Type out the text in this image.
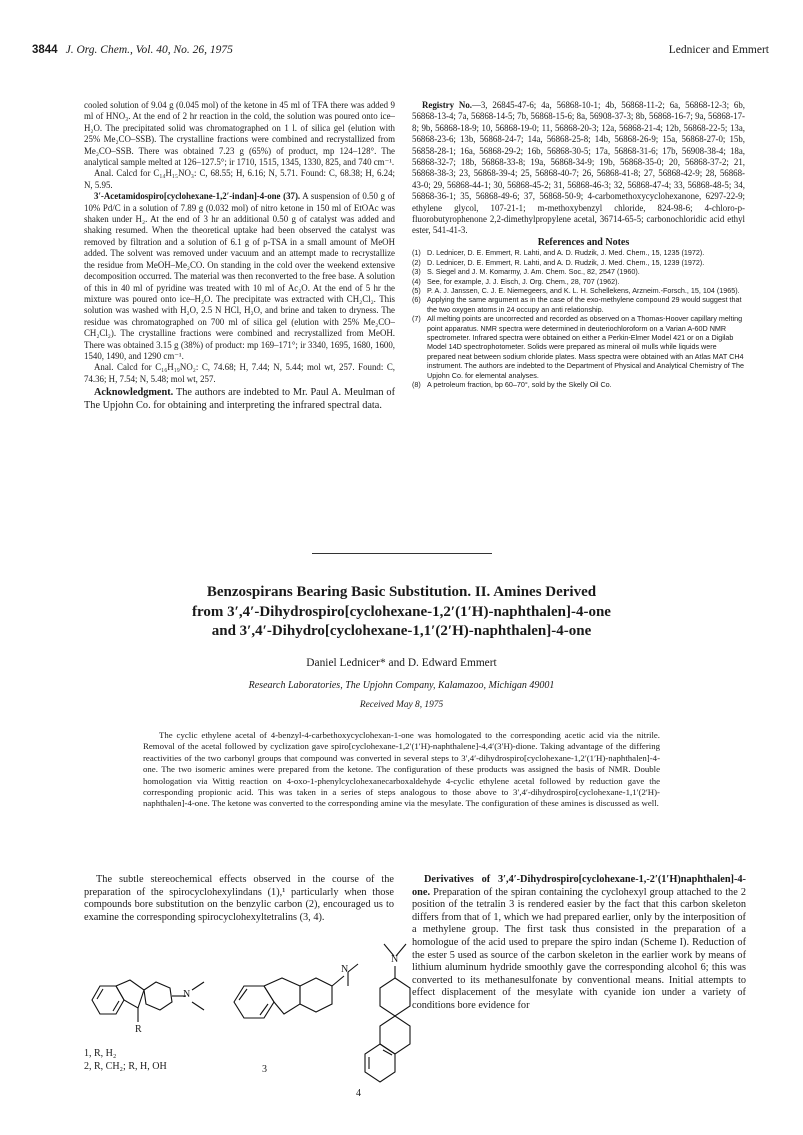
3844 J. Org. Chem., Vol. 40, No. 26, 1975	Lednicer and Emmert

cooled solution of 9.04 g (0.045 mol) of the ketone in 45 ml of TFA there was added 9 ml of HNO₃. At the end of 2 hr reaction in the cold, the solution was poured onto ice–H₂O. The precipitated solid was chromatographed on 1 l. of silica gel (elution with 25% Me₂CO–SSB). The crystalline fractions were combined and recrystallized from Me₂CO–SSB. There was obtained 7.23 g (65%) of product, mp 124–128°. The analytical sample melted at 126–127.5°; ir 1710, 1515, 1345, 1330, 825, and 740 cm⁻¹.

Anal. Calcd for C₁₄H₁₅NO₃: C, 68.55; H, 6.16; N, 5.71. Found: C, 68.38; H, 6.24; N, 5.95.

3′-Acetamidospiro[cyclohexane-1,2′-indan]-4-one (37). A suspension of 0.50 g of 10% Pd/C in a solution of 7.89 g (0.032 mol) of nitro ketone in 150 ml of EtOAc was shaken under H₂. At the end of 3 hr an additional 0.50 g of catalyst was added and shaking resumed. When the theoretical uptake had been observed the catalyst was removed by filtration and a solution of 6.1 g of p-TSA in a small amount of MeOH added. The solvent was removed under vacuum and an attempt made to recrystallize the residue from MeOH–Me₂CO. On standing in the cold over the weekend extensive decomposition occurred. The material was then reconverted to the free base. A solution of this in 40 ml of pyridine was treated with 10 ml of Ac₂O. At the end of 5 hr the mixture was poured onto ice–H₂O. The precipitate was extracted with CH₂Cl₂. This solution was washed with H₂O, 2.5 N HCl, H₂O, and brine and taken to dryness. The residue was chromatographed on 700 ml of silica gel (elution with 25% Me₂CO–CH₂Cl₂). The crystalline fractions were combined and recrystallized from MeOH. There was obtained 3.15 g (38%) of product: mp 169–171°; ir 3340, 1695, 1680, 1600, 1540, 1490, and 1290 cm⁻¹.

Anal. Calcd for C₁₆H₁₉NO₂: C, 74.68; H, 7.44; N, 5.44; mol wt, 257. Found: C, 74.36; H, 7.54; N, 5.48; mol wt, 257.

Acknowledgment. The authors are indebted to Mr. Paul A. Meulman of The Upjohn Co. for obtaining and interpreting the infrared spectral data.

Registry No.—3, 26845-47-6; 4a, 56868-10-1; 4b, 56868-11-2; 6a, 56868-12-3; 6b, 56868-13-4; 7a, 56868-14-5; 7b, 56868-15-6; 8a, 56908-37-3; 8b, 56868-16-7; 9a, 56868-17-8; 9b, 56868-18-9; 10, 56868-19-0; 11, 56868-20-3; 12a, 56868-21-4; 12b, 56868-22-5; 13a, 56868-23-6; 13b, 56868-24-7; 14a, 56868-25-8; 14b, 56868-26-9; 15a, 56868-27-0; 15b, 56858-28-1; 16a, 56868-29-2; 16b, 56868-30-5; 17a, 56868-31-6; 17b, 56908-38-4; 18a, 56868-32-7; 18b, 56868-33-8; 19a, 56868-34-9; 19b, 56868-35-0; 20, 56868-37-2; 21, 56868-38-3; 23, 56868-39-4; 25, 56868-40-7; 26, 56868-41-8; 27, 56868-42-9; 28, 56868-43-0; 29, 56868-44-1; 30, 56868-45-2; 31, 56868-46-3; 32, 56868-47-4; 33, 56868-48-5; 34, 56868-36-1; 35, 56868-49-6; 37, 56868-50-9; 4-carbomethoxycyclohexanone, 6297-22-9; ethylene glycol, 107-21-1; m-methoxybenzyl chloride, 824-98-6; 4-chloro-p-fluorobutyrophenone 2,2-dimethylpropylene acetal, 36714-65-5; carbonochloridic acid ethyl ester, 541-41-3.

References and Notes

(1) D. Lednicer, D. E. Emmert, R. Lahti, and A. D. Rudzik, J. Med. Chem., 15, 1235 (1972).
(2) D. Lednicer, D. E. Emmert, R. Lahti, and A. D. Rudzik, J. Med. Chem., 15, 1239 (1972).
(3) S. Siegel and J. M. Komarmy, J. Am. Chem. Soc., 82, 2547 (1960).
(4) See, for example, J. J. Eisch, J. Org. Chem., 28, 707 (1962).
(5) P. A. J. Janssen, C. J. E. Niemegeers, and K. L. H. Schellekens, Arzneim.-Forsch., 15, 104 (1965).
(6) Applying the same argument as in the case of the exo-methylene compound 29 would suggest that the two oxygen atoms in 24 occupy an anti relationship.
(7) All melting points are uncorrected and recorded as observed on a Thomas-Hoover capillary melting point apparatus. NMR spectra were determined in deuteriochloroform on a Varian A-60D NMR spectrometer. Infrared spectra were obtained on either a Perkin-Elmer Model 421 or on a Digilab Model 14D spectrophotometer. Solids were prepared as mineral oil mulls while liquids were prepared neat between sodium chloride plates. Mass spectra were obtained with an Atlas MAT CH4 instrument. The authors are indebted to the Department of Physical and Analytical Chemistry of The Upjohn Co. for elemental analyses.
(8) A petroleum fraction, bp 60–70°, sold by the Skelly Oil Co.
Benzospirans Bearing Basic Substitution. II. Amines Derived
from 3′,4′-Dihydrospiro[cyclohexane-1,2′(1′H)-naphthalen]-4-one
and 3′,4′-Dihydro[cyclohexane-1,1′(2′H)-naphthalen]-4-one
Daniel Lednicer* and D. Edward Emmert
Research Laboratories, The Upjohn Company, Kalamazoo, Michigan 49001
Received May 8, 1975
The cyclic ethylene acetal of 4-benzyl-4-carbethoxycyclohexan-1-one was homologated to the corresponding acetic acid via the nitrile. Removal of the acetal followed by cyclization gave spiro[cyclohexane-1,2′(1′H)-naphthalene]-4,4′(3′H)-dione. Taking advantage of the differing reactivities of the two carbonyl groups that compound was converted in several steps to 3′,4′-dihydrospiro[cyclohexane-1,2′(1′H)-naphthalen]-4-one. The two isomeric amines were prepared from the ketone. The configuration of these products was assigned the basis of NMR. Double homologation via Wittig reaction on 4-oxo-1-phenylcyclohexanecarboxaldehyde 4-cyclic ethylene acetal followed by reduction gave the corresponding propionic acid. This was taken in a series of steps analogous to those above to 3′,4′-dihydrospiro[cyclohexane-1,1′(2′H)-naphthalen]-4-one. The ketone was converted to the corresponding amine via the mesylate. The configuration of these amines is discussed as well.

The subtle stereochemical effects observed in the course of the preparation of the spirocyclohexylindans (1),¹ particularly when those compounds bore substitution on the benzylic carbon (2), encouraged us to examine the corresponding spirocyclohexyltetralins (3, 4).

Derivatives of 3′,4′-Dihydrospiro[cyclohexane-1,-2′(1′H)naphthalen]-4-one. Preparation of the spiran containing the cyclohexyl group attached to the 2 position of the tetralin 3 is rendered easier by the fact that this carbon skeleton differs from that of 1, which we had prepared earlier, only by the interposition of a methylene group. The first task thus consisted in the preparation of a homologue of the acid used to prepare the spiro indan (Scheme I). Reduction of the ester 5 used as source of the carbon skeleton in the earlier work by means of lithium aluminum hydride smoothly gave the corresponding alcohol 6; this was converted to its methanesulfonate by conventional means. Initial attempts to effect displacement of the mesylate with cyanide ion under a variety of conditions bore evidence for

R
N
N
N
1, R, H₂
2, R, CH₂; R, H, OH	3
4
